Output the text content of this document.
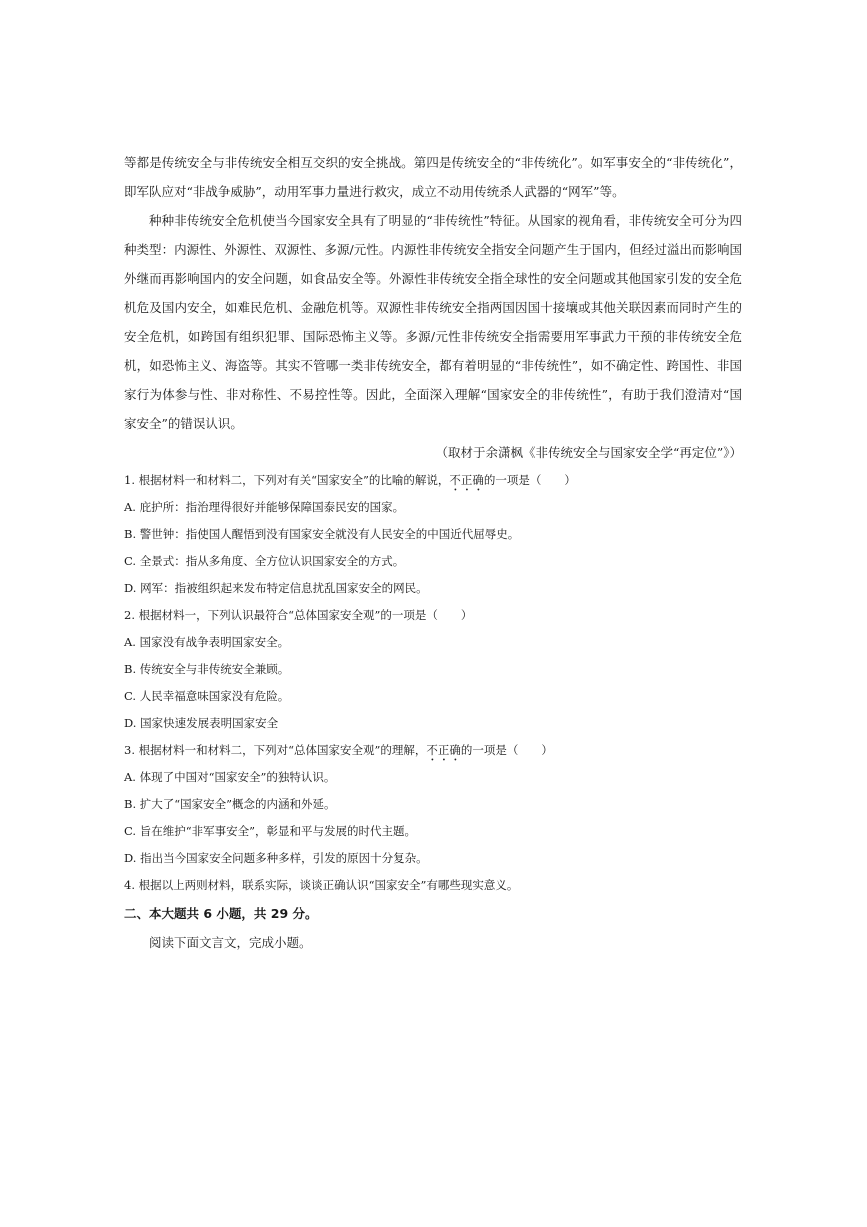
等都是传统安全与非传统安全相互交织的安全挑战。第四是传统安全的“非传统化”。如军事安全的“非传统化”，即军队应对“非战争威胁”，动用军事力量进行救灾，成立不动用传统杀人武器的“网军”等。

种种非传统安全危机使当今国家安全具有了明显的“非传统性”特征。从国家的视角看，非传统安全可分为四种类型：内源性、外源性、双源性、多源/元性。内源性非传统安全指安全问题产生于国内，但经过溢出而影响国外继而再影响国内的安全问题，如食品安全等。外源性非传统安全指全球性的安全问题或其他国家引发的安全危机危及国内安全，如难民危机、金融危机等。双源性非传统安全指两国因国十接壤或其他关联因素而同时产生的安全危机，如跨国有组织犯罪、国际恐怖主义等。多源/元性非传统安全指需要用军事武力干预的非传统安全危机，如恐怖主义、海盗等。其实不管哪一类非传统安全，都有着明显的“非传统性”，如不确定性、跨国性、非国家行为体参与性、非对称性、不易控性等。因此，全面深入理解“国家安全的非传统性”，有助于我们澄清对“国家安全”的错误认识。

（取材于余潇枫《非传统安全与国家安全学“再定位”》）

1. 根据材料一和材料二，下列对有关“国家安全”的比喻的解说，不正确的一项是（　　）

A. 庇护所：指治理得很好并能够保障国泰民安的国家。

B. 警世钟：指使国人醒悟到没有国家安全就没有人民安全的中国近代屈辱史。

C. 全景式：指从多角度、全方位认识国家安全的方式。

D. 网军：指被组织起来发布特定信息扰乱国家安全的网民。

2. 根据材料一，下列认识最符合“总体国家安全观”的一项是（　　）

A. 国家没有战争表明国家安全。

B. 传统安全与非传统安全兼顾。

C. 人民幸福意味国家没有危险。

D. 国家快速发展表明国家安全

3. 根据材料一和材料二，下列对“总体国家安全观”的理解，不正确的一项是（　　）

A. 体现了中国对“国家安全”的独特认识。

B. 扩大了“国家安全”概念的内涵和外延。

C. 旨在维护“非军事安全”，彰显和平与发展的时代主题。

D. 指出当今国家安全问题多种多样，引发的原因十分复杂。

4. 根据以上两则材料，联系实际，谈谈正确认识“国家安全”有哪些现实意义。

二、本大题共 6 小题，共 29 分。

阅读下面文言文，完成小题。
